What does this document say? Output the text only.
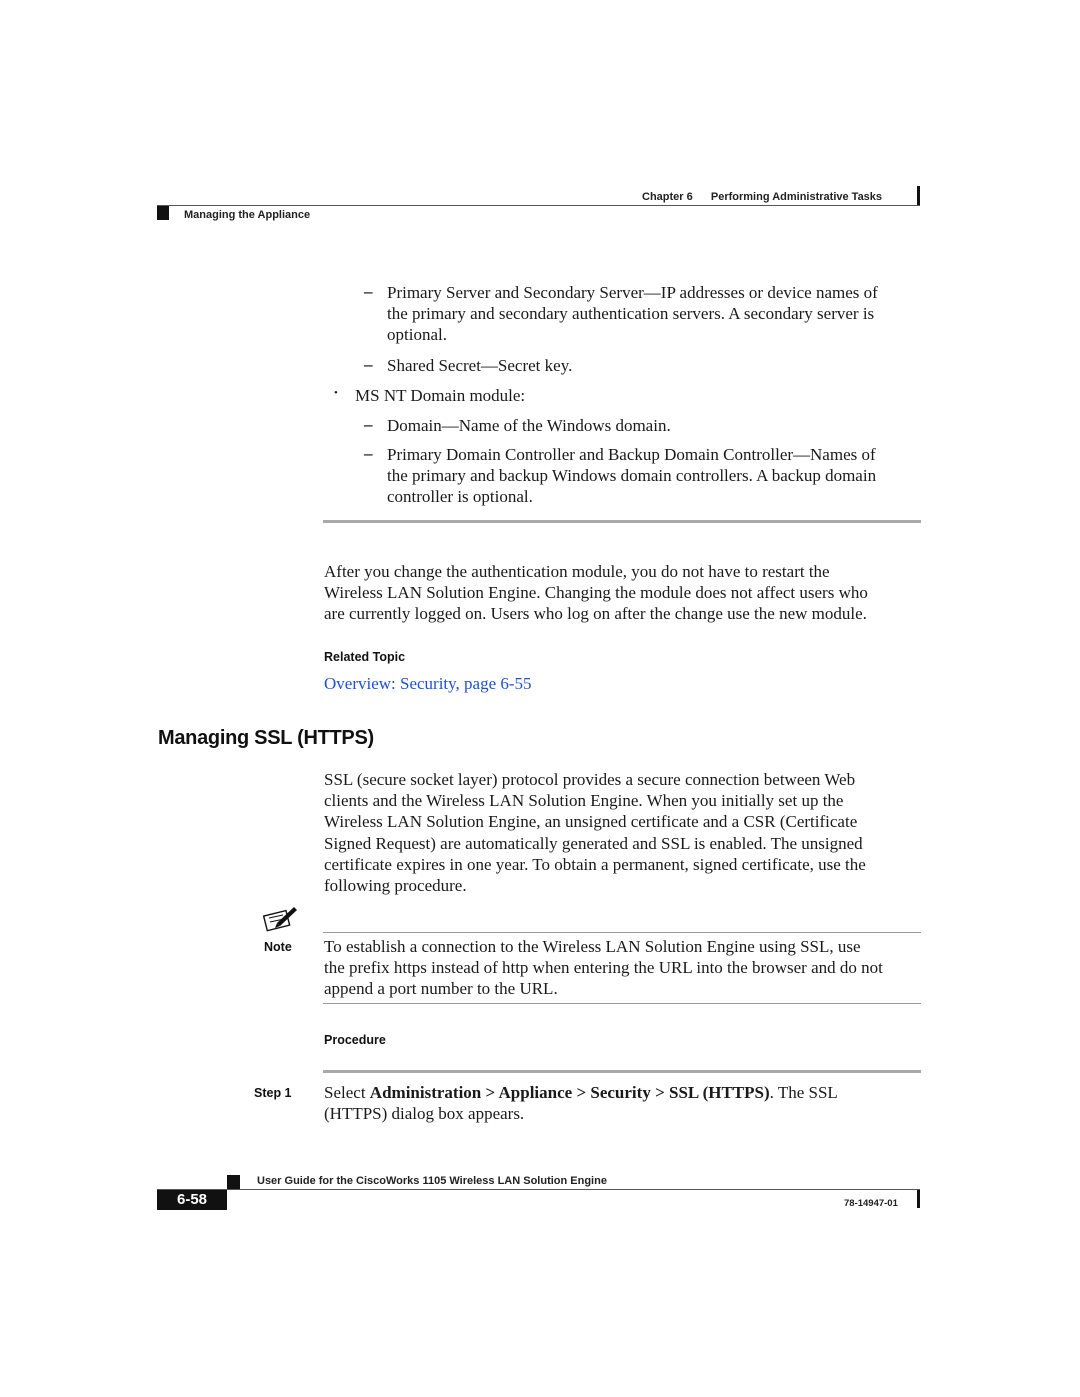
Chapter 6 Performing Administrative Tasks
Managing the Appliance
– Primary Server and Secondary Server—IP addresses or device names of
the primary and secondary authentication servers. A secondary server is
optional.
– Shared Secret—Secret key.
• MS NT Domain module:
– Domain—Name of the Windows domain.
– Primary Domain Controller and Backup Domain Controller—Names of
the primary and backup Windows domain controllers. A backup domain
controller is optional.
After you change the authentication module, you do not have to restart the
Wireless LAN Solution Engine. Changing the module does not affect users who
are currently logged on. Users who log on after the change use the new module.
Related Topic
Overview: Security, page 6-55
Managing SSL (HTTPS)
SSL (secure socket layer) protocol provides a secure connection between Web
clients and the Wireless LAN Solution Engine. When you initially set up the
Wireless LAN Solution Engine, an unsigned certificate and a CSR (Certificate
Signed Request) are automatically generated and SSL is enabled. The unsigned
certificate expires in one year. To obtain a permanent, signed certificate, use the
following procedure.
Note To establish a connection to the Wireless LAN Solution Engine using SSL, use
the prefix https instead of http when entering the URL into the browser and do not
append a port number to the URL.
Procedure
Step 1 Select Administration > Appliance > Security > SSL (HTTPS). The SSL
(HTTPS) dialog box appears.
User Guide for the CiscoWorks 1105 Wireless LAN Solution Engine
6-58	78-14947-01
